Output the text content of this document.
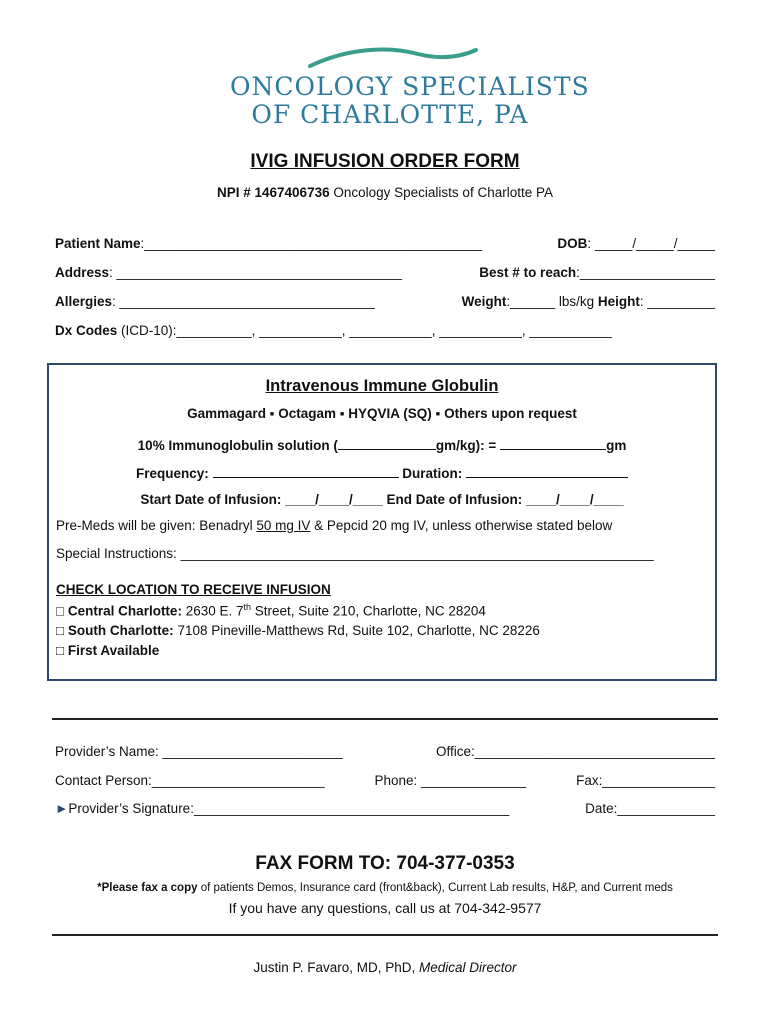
ONCOLOGY SPECIALISTS
OF CHARLOTTE, PA
IVIG INFUSION ORDER FORM
NPI # 1467406736 Oncology Specialists of Charlotte PA
Patient Name:_____________________________________________	DOB: _____/_____/_____
Address: ______________________________________	Best # to reach:__________________
Allergies: __________________________________	Weight:______ lbs/kg Height: _________
Dx Codes (ICD-10):__________, ___________, ___________, ___________, ___________
Intravenous Immune Globulin
Gammagard ▪ Octagam ▪ HYQVIA (SQ) ▪ Others upon request
10% Immunoglobulin solution (	gm/kg): =	gm
Frequency:	Duration:
Start Date of Infusion: ____/____/____ End Date of Infusion: ____/____/____
Pre-Meds will be given: Benadryl 50 mg IV & Pepcid 20 mg IV, unless otherwise stated below
Special Instructions: _______________________________________________________________
CHECK LOCATION TO RECEIVE INFUSION
□ Central Charlotte: 2630 E. 7th Street, Suite 210, Charlotte, NC 28204
□ South Charlotte: 7108 Pineville-Matthews Rd, Suite 102, Charlotte, NC 28226
□ First Available
Provider’s Name: ________________________	Office:________________________________
Contact Person:_______________________	Phone: ______________	Fax:_______________
►Provider’s Signature:__________________________________________	Date:_____________
FAX FORM TO: 704-377-0353
*Please fax a copy of patients Demos, Insurance card (front&back), Current Lab results, H&P, and Current meds
If you have any questions, call us at 704-342-9577
Justin P. Favaro, MD, PhD, Medical Director
